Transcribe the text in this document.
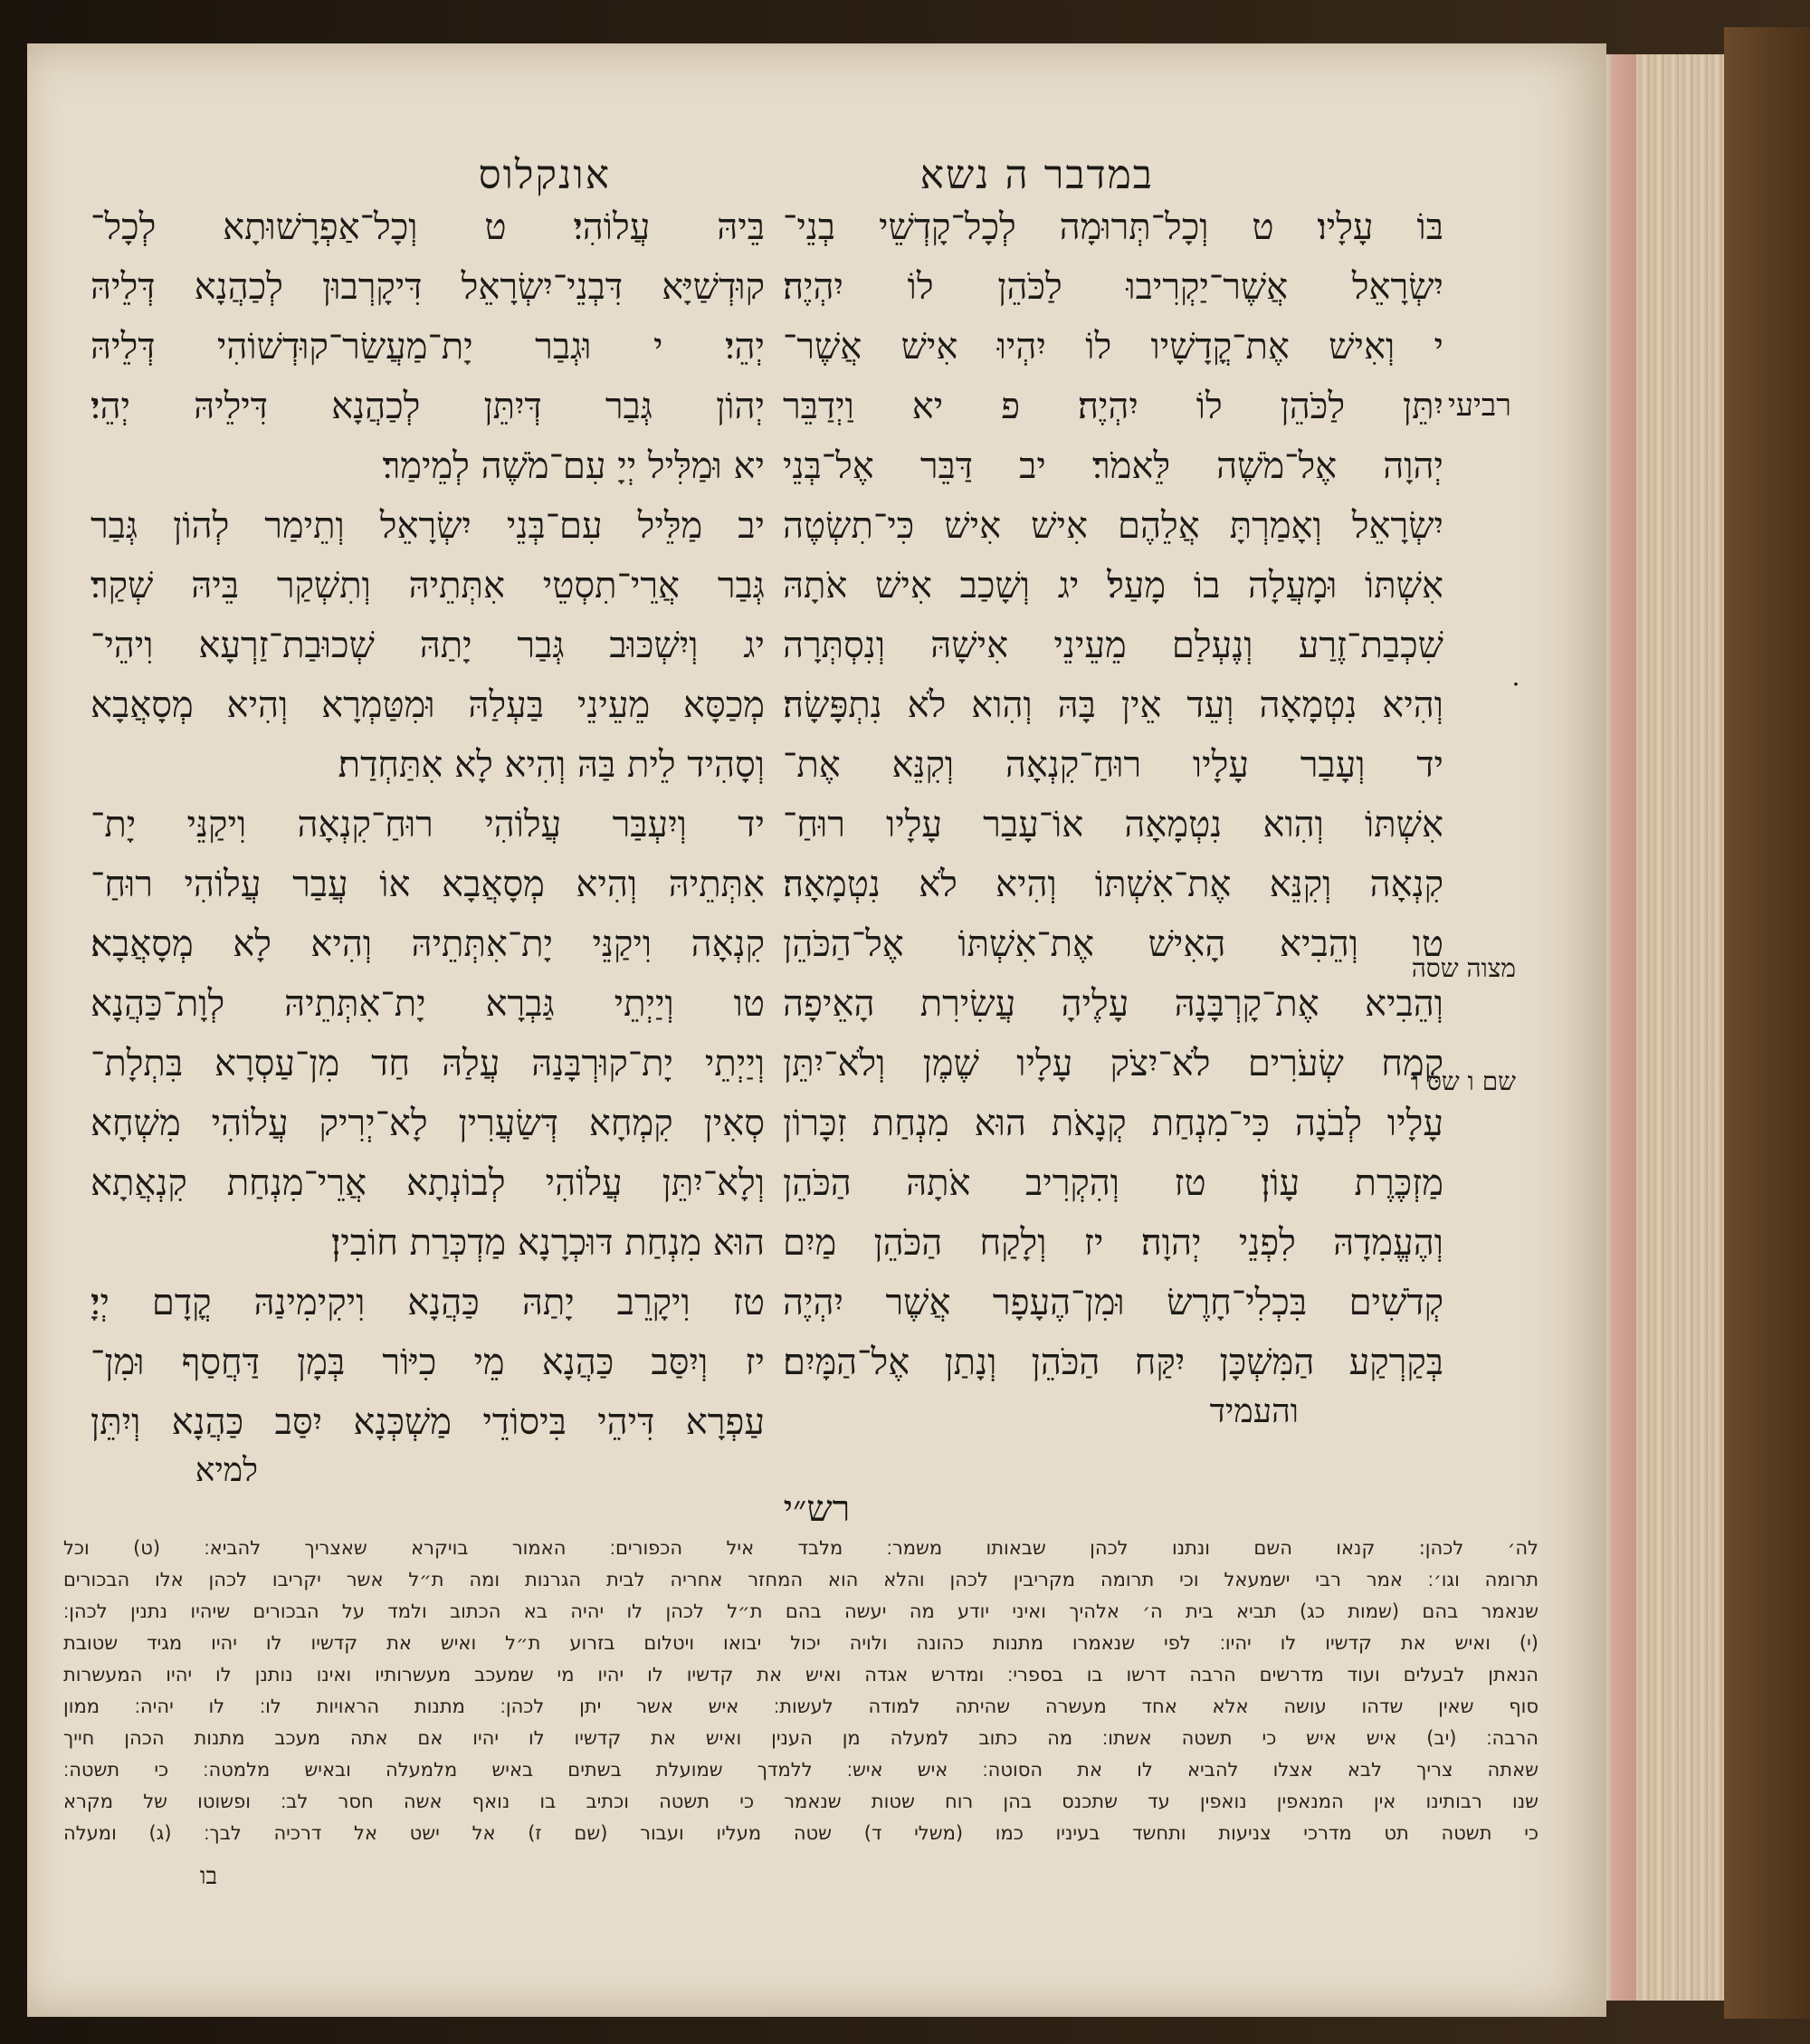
במדבר ה נשא
אונקלוס
רביעי
מצוה שסה
שם ו שס ו
בּוֹ עָלָיו׃ ט וְכָל־תְּרוּמָה לְכָל־קָדְשֵׁי בְנֵי־
יִשְׂרָאֵל אֲשֶׁר־יַקְרִיבוּ לַכֹּהֵן לוֹ יִהְיֶה׃
י וְאִישׁ אֶת־קֳדָשָׁיו לוֹ יִהְיוּ אִישׁ אֲשֶׁר־
יִתֵּן לַכֹּהֵן לוֹ יִהְיֶה׃ פ יא וַיְדַבֵּר
יְהוָה אֶל־מֹשֶׁה לֵּאמֹר׃ יב דַּבֵּר אֶל־בְּנֵי
יִשְׂרָאֵל וְאָמַרְתָּ אֲלֵהֶם אִישׁ אִישׁ כִּי־תִשְׂטֶה
אִשְׁתּוֹ וּמָעֲלָה בוֹ מָעַל׃ יג וְשָׁכַב אִישׁ אֹתָהּ
שִׁכְבַת־זֶרַע וְנֶעְלַם מֵעֵינֵי אִישָׁהּ וְנִסְתְּרָה
וְהִיא נִטְמָאָה וְעֵד אֵין בָּהּ וְהִוא לֹא נִתְפָּשָׂה׃
יד וְעָבַר עָלָיו רוּחַ־קִנְאָה וְקִנֵּא אֶת־
אִשְׁתּוֹ וְהִוא נִטְמָאָה אוֹ־עָבַר עָלָיו רוּחַ־
קִנְאָה וְקִנֵּא אֶת־אִשְׁתּוֹ וְהִיא לֹא נִטְמָאָה׃
טו וְהֵבִיא הָאִישׁ אֶת־אִשְׁתּוֹ אֶל־הַכֹּהֵן
וְהֵבִיא אֶת־קָרְבָּנָהּ עָלֶיהָ עֲשִׂירִת הָאֵיפָה
קֶמַח שְׂעֹרִים לֹא־יִצֹק עָלָיו שֶׁמֶן וְלֹא־יִתֵּן
עָלָיו לְבֹנָה כִּי־מִנְחַת קְנָאֹת הוּא מִנְחַת זִכָּרוֹן
מַזְכֶּרֶת עָוֹן׃ טז וְהִקְרִיב אֹתָהּ הַכֹּהֵן
וְהֶעֱמִדָהּ לִפְנֵי יְהוָה׃ יז וְלָקַח הַכֹּהֵן מַיִם
קְדֹשִׁים בִּכְלִי־חָרֶשׂ וּמִן־הֶעָפָר אֲשֶׁר יִהְיֶה
בְּקַרְקַע הַמִּשְׁכָּן יִקַּח הַכֹּהֵן וְנָתַן אֶל־הַמָּיִם׃
והעמיד
בֵּיהּ עֲלוֹהִי׃ ט וְכָל־אַפְרָשׁוּתָא לְכָל־
קוּדְשַׁיָּא דִּבְנֵי־יִשְׂרָאֵל דִּיקָרְבוּן לְכַהֲנָא דְּלֵיהּ
יְהֵי׃ י וּגְבַר יָת־מַעֲשַׂר־קוּדְשׁוֹהִי דְּלֵיהּ
יְהוֹן גְּבַר דְּיִתֵּן לְכַהֲנָא דִּילֵיהּ יְהֵי׃
יא וּמַלִּיל יְיָ עִם־מֹשֶׁה לְמֵימַר׃
יב מַלֵּיל עִם־בְּנֵי יִשְׂרָאֵל וְתֵימַר לְהוֹן גְּבַר
גְּבַר אֲרֵי־תִסְטֵי אִתְּתֵיהּ וְתִשְׁקַר בֵּיהּ שְׁקַר׃
יג וְיִשְׁכּוּב גְּבַר יָתַהּ שְׁכוּבַת־זַרְעָא וִיהֵי־
מְכַסָּא מֵעֵינֵי בַּעְלַהּ וּמִטַּמְרָא וְהִיא מְסָאֲבָא
וְסָהִיד לֵית בַּהּ וְהִיא לָא אִתַּחְדַת׃
יד וְיִעְבַּר עֲלוֹהִי רוּחַ־קִנְאָה וִיקַנֵּי יָת־
אִתְּתֵיהּ וְהִיא מְסָאֲבָא אוֹ עֲבַר עֲלוֹהִי רוּחַ־
קִנְאָה וִיקַנֵּי יָת־אִתְּתֵיהּ וְהִיא לָא מְסָאֲבָא׃
טו וְיַיְתֵי גַּבְרָא יָת־אִתְּתֵיהּ לְוָת־כַּהֲנָא
וְיַיְתֵי יָת־קוּרְבָּנַהּ עֲלַהּ חַד מִן־עַסְרָא בִּתְלָת־
סְאִין קִמְחָא דְּשַׂעֲרִין לָא־יְרִיק עֲלוֹהִי מִשְׁחָא
וְלָא־יִתֵּן עֲלוֹהִי לְבוֹנְתָא אֲרֵי־מִנְחַת קִנְאֲתָא
הוּא מִנְחַת דּוּכְרָנָא מַדְכְּרַת חוֹבִין׃
טז וִיקָרֵב יָתַהּ כַּהֲנָא וִיקִימִינַהּ קֳדָם יְיָ׃
יז וְיִסַּב כַּהֲנָא מֵי כִיּוֹר בְּמָן דַּחֲסַף וּמִן־
עַפְרָא דִּיהֵי בִּיסוֹדֵי מַשְׁכְּנָא יִסַּב כַּהֲנָא וְיִתֵּן
למיא
רש״י
לה׳ לכהן: קנאו השם ונתנו לכהן שבאותו משמר׃ מלבד איל הכפורים׃ האמור בויקרא שאצריך להביא׃ (ט) וכל
תרומה וגו׳׃ אמר רבי ישמעאל וכי תרומה מקריבין לכהן והלא הוא המחזר אחריה לבית הגרנות ומה ת״ל אשר יקריבו לכהן אלו הבכורים
שנאמר בהם (שמות כג) תביא בית ה׳ אלהיך ואיני יודע מה יעשה בהם ת״ל לכהן לו יהיה בא הכתוב ולמד על הבכורים שיהיו נתנין לכהן׃
(י) ואיש את קדשיו לו יהיו׃ לפי שנאמרו מתנות כהונה ולויה יכול יבואו ויטלום בזרוע ת״ל ואיש את קדשיו לו יהיו מגיד שטובת
הנאתן לבעלים ועוד מדרשים הרבה דרשו בו בספרי׃ ומדרש אגדה ואיש את קדשיו לו יהיו מי שמעכב מעשרותיו ואינו נותנן לו יהיו המעשרות
סוף שאין שדהו עושה אלא אחד מעשרה שהיתה למודה לעשות׃ איש אשר יתן לכהן׃ מתנות הראויות לו׃ לו יהיה׃ ממון
הרבה׃ (יב) איש איש כי תשטה אשתו׃ מה כתוב למעלה מן הענין ואיש את קדשיו לו יהיו אם אתה מעכב מתנות הכהן חייך
שאתה צריך לבא אצלו להביא לו את הסוטה׃ איש איש׃ ללמדך שמועלת בשתים באיש מלמעלה ובאיש מלמטה׃ כי תשטה׃
שנו רבותינו אין המנאפין נואפין עד שתכנס בהן רוח שטות שנאמר כי תשטה וכתיב בו נואף אשה חסר לב׃ ופשוטו של מקרא
כי תשטה תט מדרכי צניעות ותחשד בעיניו כמו (משלי ד) שטה מעליו ועבור (שם ז) אל ישט אל דרכיה לבך׃ (ג) ומעלה
בו
